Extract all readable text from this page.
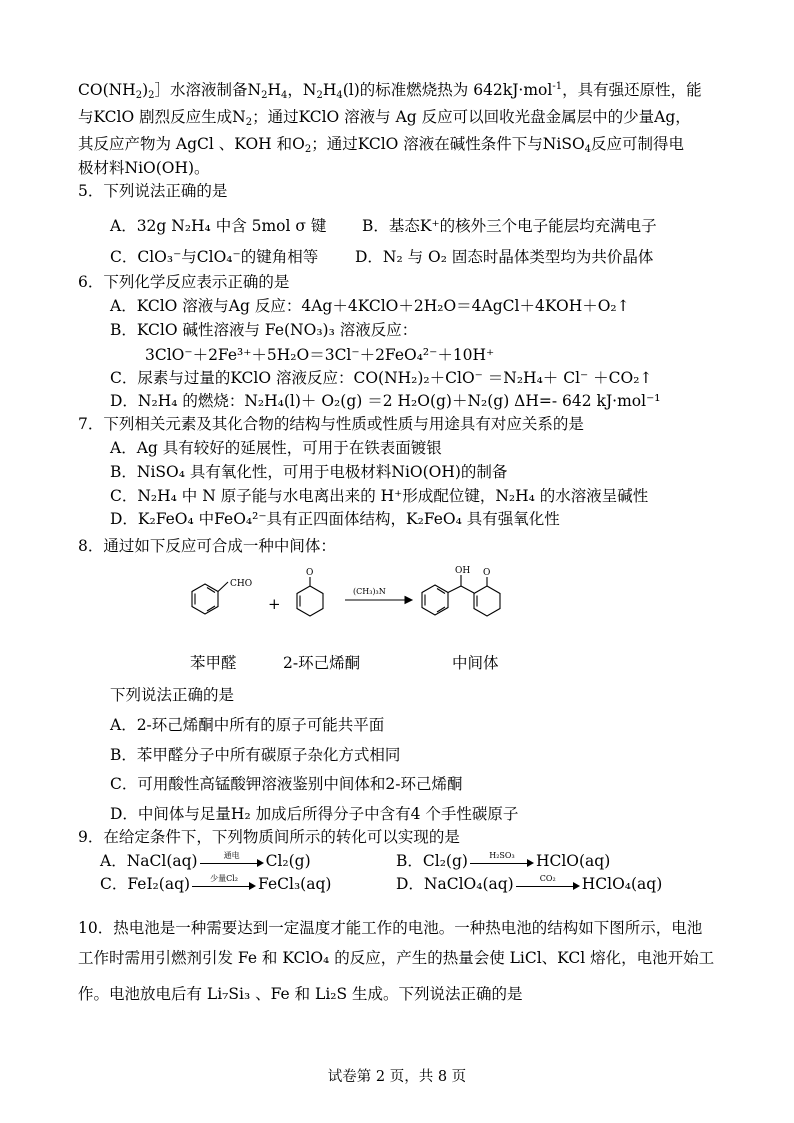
$CO(NH_2)_2]$水溶液制备$N_2H_4$，$N_2H_4(l)$的标准燃烧热为 642kJ·mol$^{-1}$，具有强还原性，能
与KClO 剧烈反应生成$N_2$；通过KClO 溶液与 Ag 反应可以回收光盘金属层中的少量Ag，
其反应产物为 AgCl 、KOH 和$O_2$；通过KClO 溶液在碱性条件下与NiSO$_4$反应可制得电
极材料NiO(OH)。
5．下列说法正确的是
A．32g N₂H₄ 中含 5mol σ 键 B．基态K⁺的核外三个电子能层均充满电子
C．ClO₃⁻与ClO₄⁻的键角相等 D．N₂ 与 O₂ 固态时晶体类型均为共价晶体
6．下列化学反应表示正确的是
A．KClO 溶液与Ag 反应：4Ag＋4KClO＋2H₂O＝4AgCl＋4KOH＋O₂↑
B．KClO 碱性溶液与 Fe(NO₃)₃ 溶液反应：
3ClO⁻＋2Fe³⁺＋5H₂O＝3Cl⁻＋2FeO₄²⁻＋10H⁺
C．尿素与过量的KClO 溶液反应：CO(NH₂)₂＋ClO⁻ ＝N₂H₄＋ Cl⁻ ＋CO₂↑
D．N₂H₄ 的燃烧：N₂H₄(l)＋ O₂(g) ＝2 H₂O(g)＋N₂(g) ΔH=- 642 kJ·mol⁻¹
7．下列相关元素及其化合物的结构与性质或性质与用途具有对应关系的是
A．Ag 具有较好的延展性，可用于在铁表面镀银
B．NiSO₄ 具有氧化性，可用于电极材料NiO(OH)的制备
C．N₂H₄ 中 N 原子能与水电离出来的 H⁺形成配位键，N₂H₄ 的水溶液呈碱性
D．K₂FeO₄ 中FeO₄²⁻具有正四面体结构，K₂FeO₄ 具有强氧化性
8．通过如下反应可合成一种中间体：
CHO
+
O
(CH₃)₃N
OH O
苯甲醛	2-环己烯酮	中间体
下列说法正确的是
A．2-环己烯酮中所有的原子可能共平面
B．苯甲醛分子中所有碳原子杂化方式相同
C．可用酸性高锰酸钾溶液鉴别中间体和2-环己烯酮
D．中间体与足量H₂ 加成后所得分子中含有4 个手性碳原子
9．在给定条件下，下列物质间所示的转化可以实现的是
A．NaCl(aq)	通电	Cl₂(g)	B．Cl₂(g)	H₂SO₃	HClO(aq)
C．FeI₂(aq)	少量Cl₂	FeCl₃(aq)	D．NaClO₄(aq)	CO₂	HClO₄(aq)
10．热电池是一种需要达到一定温度才能工作的电池。一种热电池的结构如下图所示，电池
工作时需用引燃剂引发 Fe 和 KClO₄ 的反应，产生的热量会使 LiCl、KCl 熔化，电池开始工
作。电池放电后有 Li₇Si₃ 、Fe 和 Li₂S 生成。下列说法正确的是
试卷第 2 页，共 8 页
